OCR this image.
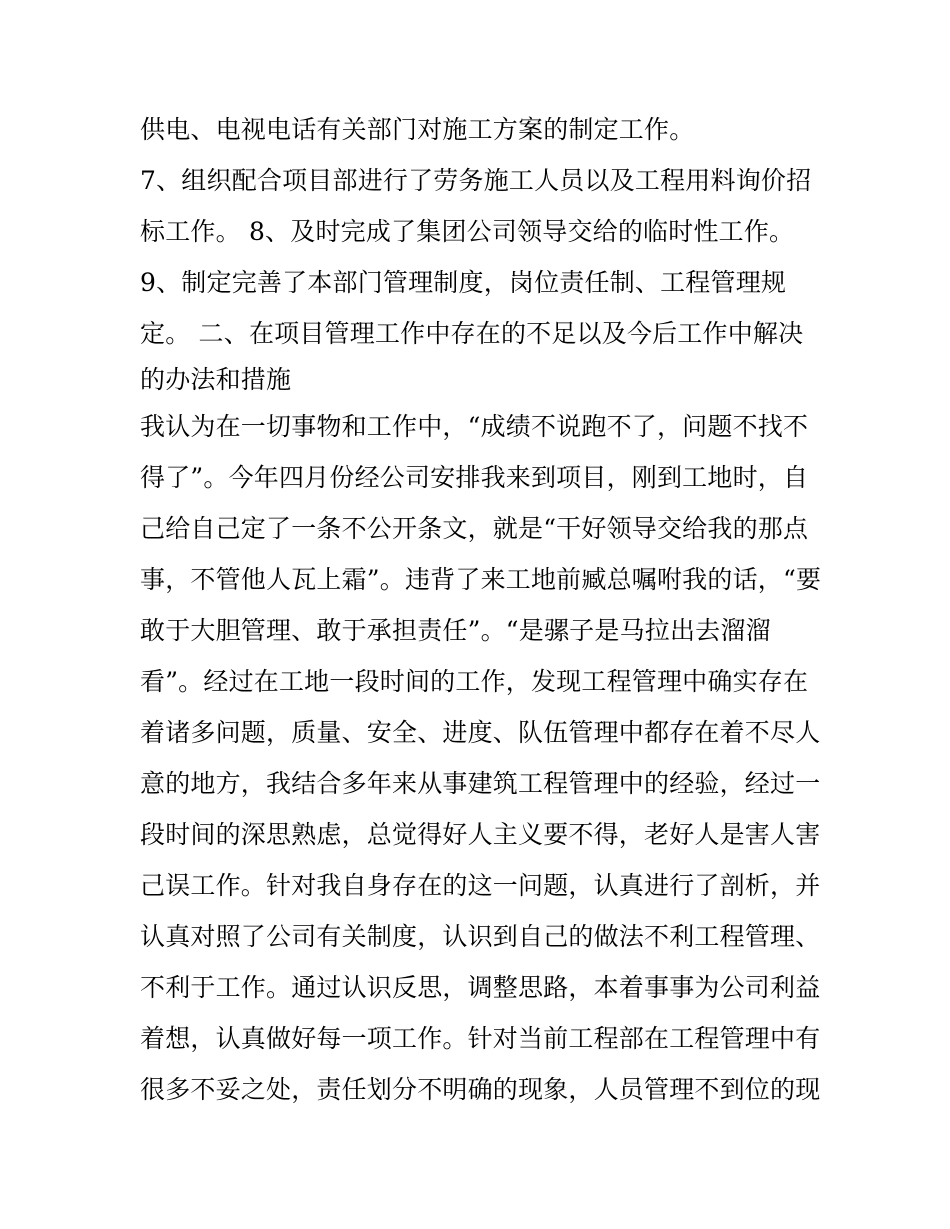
供电、电视电话有关部门对施工方案的制定工作。
7、组织配合项目部进行了劳务施工人员以及工程用料询价招
标工作。 8、及时完成了集团公司领导交给的临时性工作。
9、制定完善了本部门管理制度，岗位责任制、工程管理规
定。 二、在项目管理工作中存在的不足以及今后工作中解决
的办法和措施
我认为在一切事物和工作中，“成绩不说跑不了，问题不找不
得了”。今年四月份经公司安排我来到项目，刚到工地时，自
己给自己定了一条不公开条文，就是“干好领导交给我的那点
事，不管他人瓦上霜”。违背了来工地前臧总嘱咐我的话，“要
敢于大胆管理、敢于承担责任”。“是骡子是马拉出去溜溜
看”。经过在工地一段时间的工作，发现工程管理中确实存在
着诸多问题，质量、安全、进度、队伍管理中都存在着不尽人
意的地方，我结合多年来从事建筑工程管理中的经验，经过一
段时间的深思熟虑，总觉得好人主义要不得，老好人是害人害
己误工作。针对我自身存在的这一问题，认真进行了剖析，并
认真对照了公司有关制度，认识到自己的做法不利工程管理、
不利于工作。通过认识反思，调整思路，本着事事为公司利益
着想，认真做好每一项工作。针对当前工程部在工程管理中有
很多不妥之处，责任划分不明确的现象，人员管理不到位的现
